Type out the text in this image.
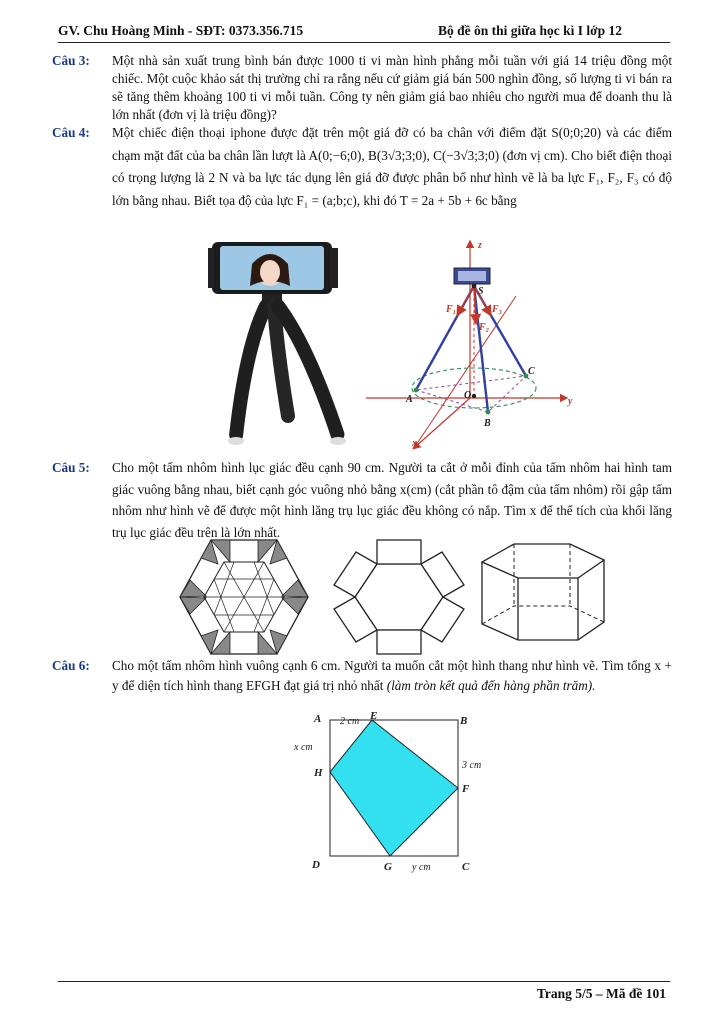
GV. Chu Hoàng Minh - SĐT: 0373.356.715	Bộ đề ôn thi giữa học kì I lớp 12
Câu 3: Một nhà sản xuất trung bình bán được 1000 ti vi màn hình phẳng mỗi tuần với giá 14 triệu đồng một chiếc. Một cuộc khảo sát thị trường chỉ ra rằng nếu cứ giảm giá bán 500 nghìn đồng, số lượng ti vi bán ra sẽ tăng thêm khoảng 100 ti vi mỗi tuần. Công ty nên giảm giá bao nhiêu cho người mua để doanh thu là lớn nhất (đơn vị là triệu đồng)?

Câu 4: Một chiếc điện thoại iphone được đặt trên một giá đỡ có ba chân với điểm đặt S(0;0;20) và các điểm chạm mặt đất của ba chân lần lượt là A(0;−6;0), B(3√3;3;0), C(−3√3;3;0) (đơn vị cm). Cho biết điện thoại có trọng lượng là 2 N và ba lực tác dụng lên giá đỡ được phân bố như hình vẽ là ba lực F₁, F₂, F₃ có độ lớn bằng nhau. Biết tọa độ của lực F₁ = (a;b;c), khi đó T = 2a + 5b + 6c bằng

z
y
x
S
O
A
B
C
F₁
F₂
F₃
Câu 5: Cho một tấm nhôm hình lục giác đều cạnh 90 cm. Người ta cắt ở mỗi đỉnh của tấm nhôm hai hình tam giác vuông bằng nhau, biết cạnh góc vuông nhỏ bằng x(cm) (cắt phần tô đậm của tấm nhôm) rồi gập tấm nhôm như hình vẽ để được một hình lăng trụ lục giác đều không có nắp. Tìm x để thể tích của khối lăng trụ lục giác đều trên là lớn nhất.

Câu 6: Cho một tấm nhôm hình vuông cạnh 6 cm. Người ta muốn cắt một hình thang như hình vẽ. Tìm tổng x + y để diện tích hình thang EFGH đạt giá trị nhỏ nhất (làm tròn kết quả đến hàng phần trăm).

A	B
C
D
E
F
G
H
2 cm
x cm
3 cm
y cm
Trang 5/5 – Mã đề 101
